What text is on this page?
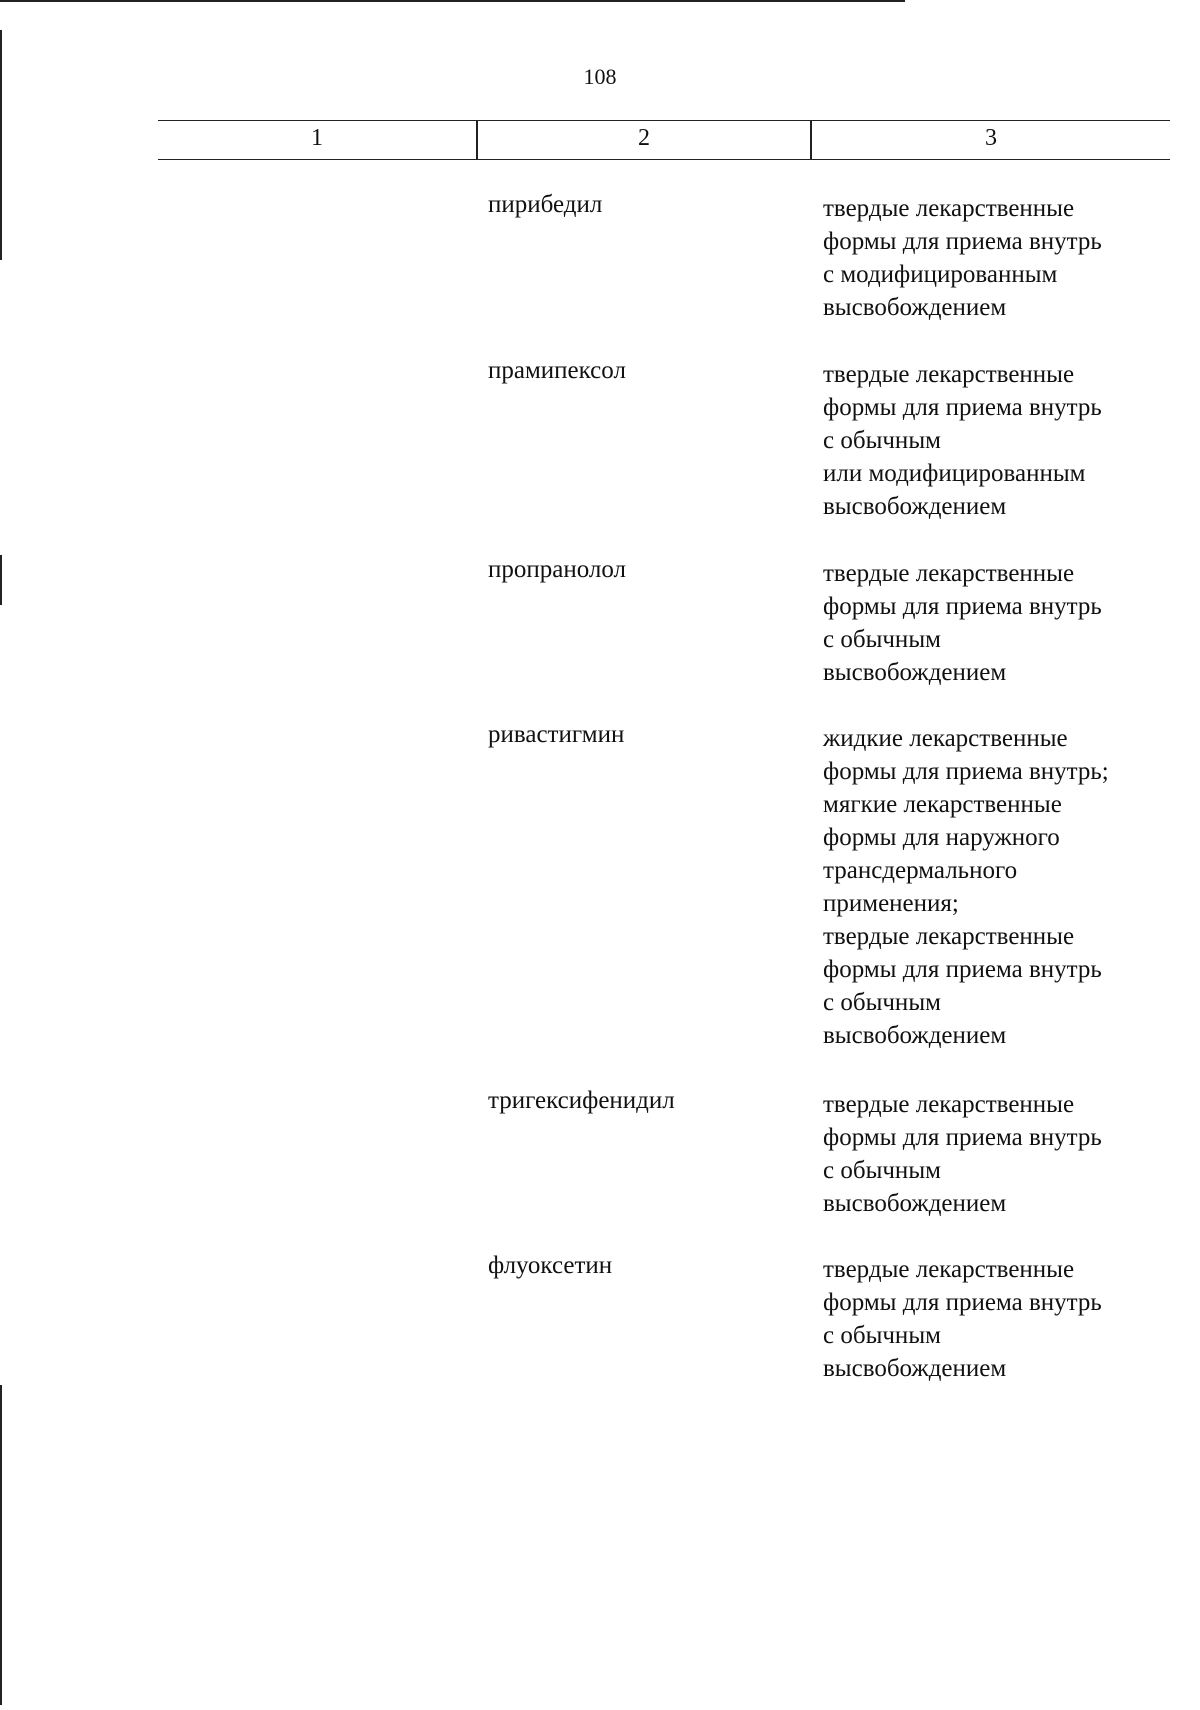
108
1	2	3
пирибедил	твердые лекарственные
формы для приема внутрь
с модифицированным
высвобождением
прамипексол	твердые лекарственные
формы для приема внутрь
с обычным
или модифицированным
высвобождением
пропранолол	твердые лекарственные
формы для приема внутрь
с обычным
высвобождением
ривастигмин	жидкие лекарственные
формы для приема внутрь;
мягкие лекарственные
формы для наружного
трансдермального
применения;
твердые лекарственные
формы для приема внутрь
с обычным
высвобождением
тригексифенидил	твердые лекарственные
формы для приема внутрь
с обычным
высвобождением
флуоксетин	твердые лекарственные
формы для приема внутрь
с обычным
высвобождением
